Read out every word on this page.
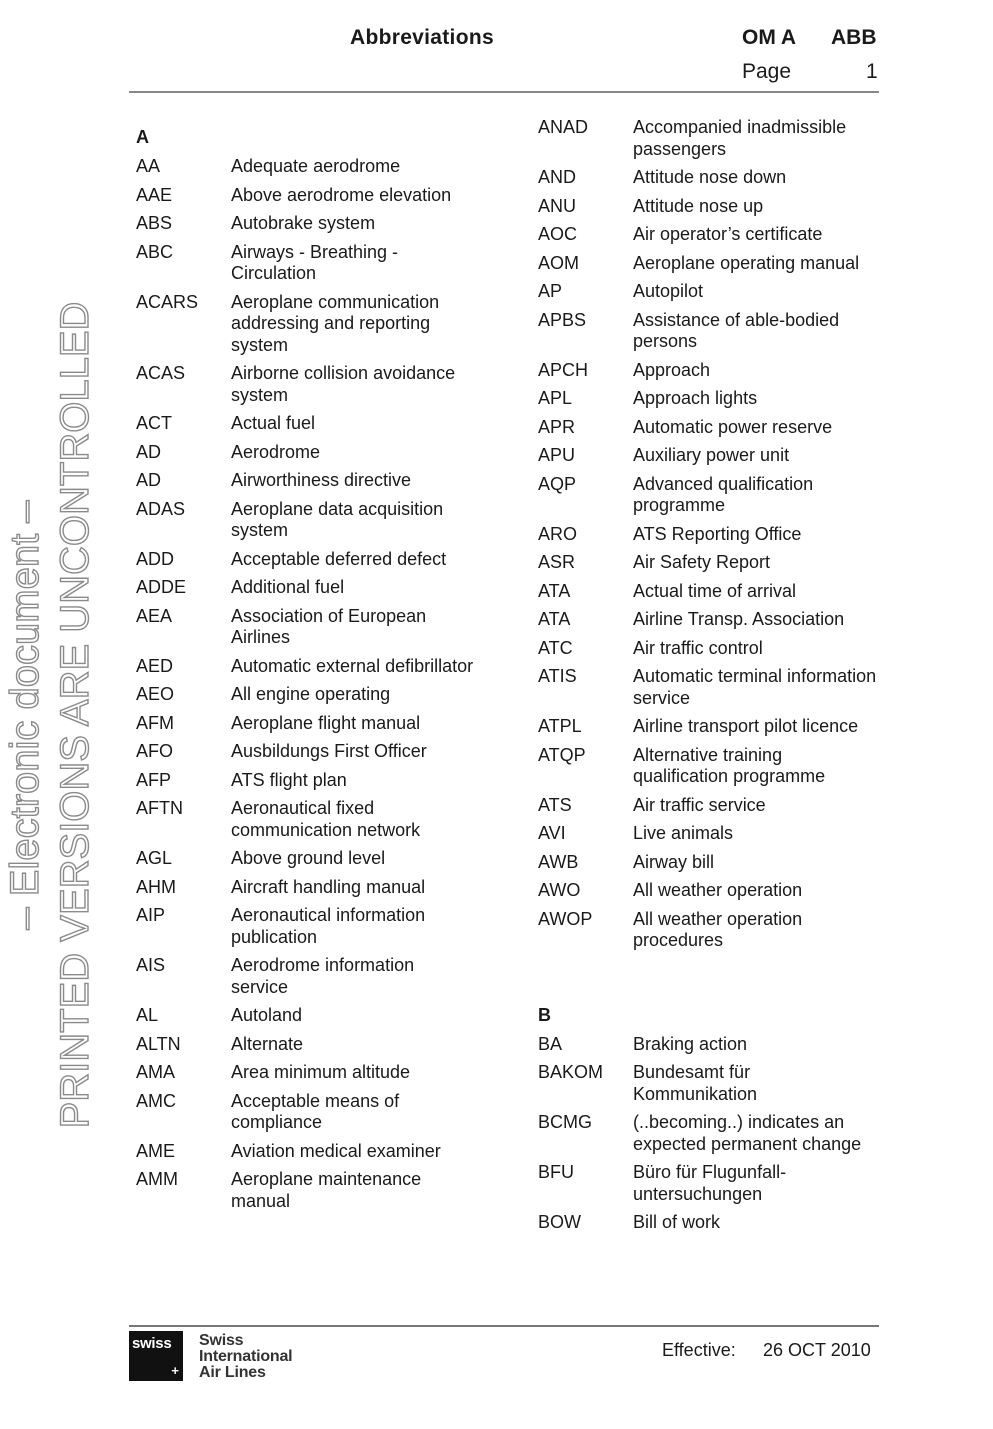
Abbreviations	OM A ABB
Page	1
– Electronic document – PRINTED VERSIONS ARE UNCONTROLLED
A
AA	Adequate aerodrome
AAE	Above aerodrome elevation
ABS	Autobrake system
ABC	Airways - Breathing - Circulation
ACARS	Aeroplane communication addressing and reporting system
ACAS	Airborne collision avoidance system
ACT	Actual fuel
AD	Aerodrome
AD	Airworthiness directive
ADAS	Aeroplane data acquisition system
ADD	Acceptable deferred defect
ADDE	Additional fuel
AEA	Association of European Airlines
AED	Automatic external defibrillator
AEO	All engine operating
AFM	Aeroplane flight manual
AFO	Ausbildungs First Officer
AFP	ATS flight plan
AFTN	Aeronautical fixed communication network
AGL	Above ground level
AHM	Aircraft handling manual
AIP	Aeronautical information publication
AIS	Aerodrome information service
AL	Autoland
ALTN	Alternate
AMA	Area minimum altitude
AMC	Acceptable means of compliance
AME	Aviation medical examiner
AMM	Aeroplane maintenance manual
ANAD	Accompanied inadmissible passengers
AND	Attitude nose down
ANU	Attitude nose up
AOC	Air operator’s certificate
AOM	Aeroplane operating manual
AP	Autopilot
APBS	Assistance of able-bodied persons
APCH	Approach
APL	Approach lights
APR	Automatic power reserve
APU	Auxiliary power unit
AQP	Advanced qualification programme
ARO	ATS Reporting Office
ASR	Air Safety Report
ATA	Actual time of arrival
ATA	Airline Transp. Association
ATC	Air traffic control
ATIS	Automatic terminal information service
ATPL	Airline transport pilot licence
ATQP	Alternative training qualification programme
ATS	Air traffic service
AVI	Live animals
AWB	Airway bill
AWO	All weather operation
AWOP	All weather operation procedures
B
BA	Braking action
BAKOM	Bundesamt für Kommunikation
BCMG	(..becoming..) indicates an expected permanent change
BFU	Büro für Flugunfall-untersuchungen
BOW	Bill of work
swiss
+
Swiss
International
Air Lines
Effective: 26 OCT 2010
